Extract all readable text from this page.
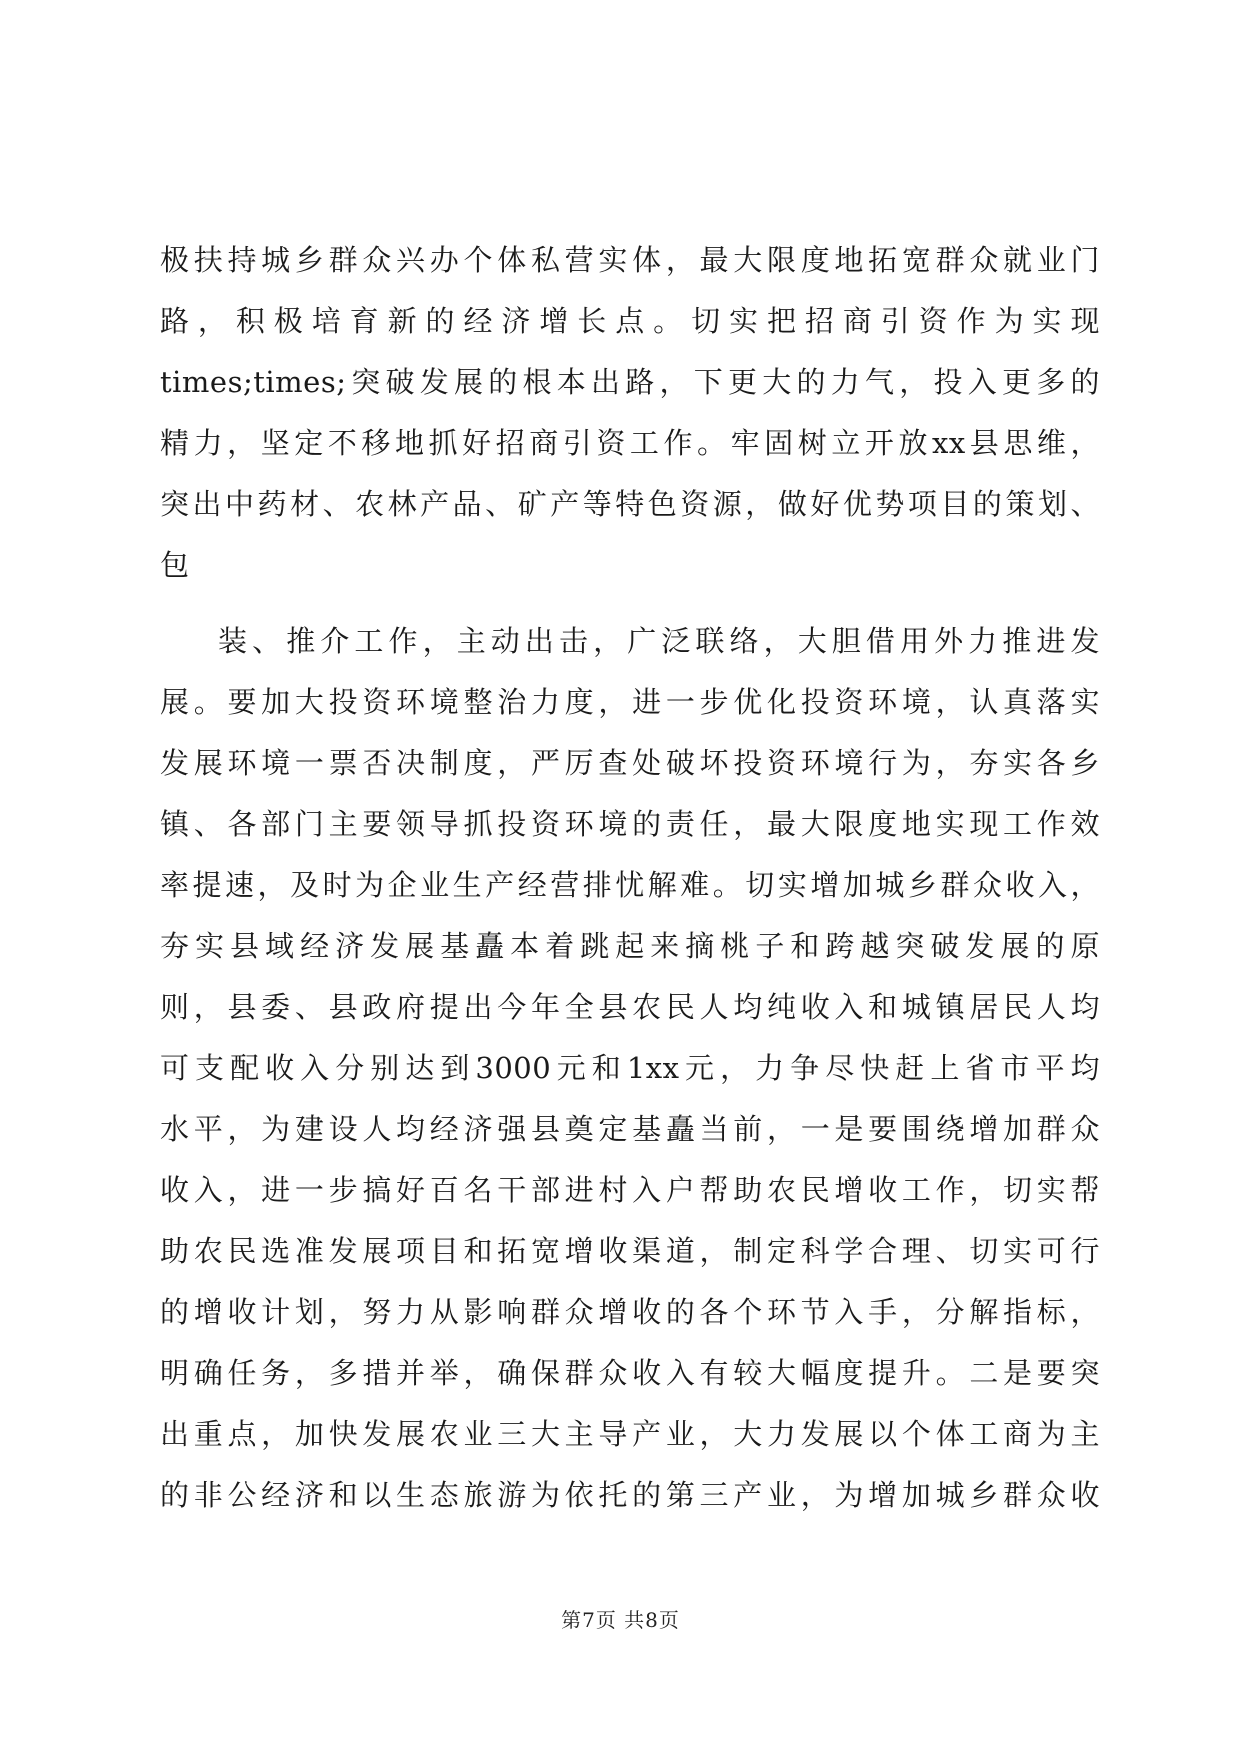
极扶持城乡群众兴办个体私营实体，最大限度地拓宽群众就业门
路，积极培育新的经济增长点。切实把招商引资作为实现
times;times;突破发展的根本出路，下更大的力气，投入更多的
精力，坚定不移地抓好招商引资工作。牢固树立开放xx县思维，
突出中药材、农林产品、矿产等特色资源，做好优势项目的策划、
包
装、推介工作，主动出击，广泛联络，大胆借用外力推进发
展。要加大投资环境整治力度，进一步优化投资环境，认真落实
发展环境一票否决制度，严厉查处破坏投资环境行为，夯实各乡
镇、各部门主要领导抓投资环境的责任，最大限度地实现工作效
率提速，及时为企业生产经营排忧解难。切实增加城乡群众收入，
夯实县域经济发展基矗本着跳起来摘桃子和跨越突破发展的原
则，县委、县政府提出今年全县农民人均纯收入和城镇居民人均
可支配收入分别达到3000元和1xx元，力争尽快赶上省市平均
水平，为建设人均经济强县奠定基矗当前，一是要围绕增加群众
收入，进一步搞好百名干部进村入户帮助农民增收工作，切实帮
助农民选准发展项目和拓宽增收渠道，制定科学合理、切实可行
的增收计划，努力从影响群众增收的各个环节入手，分解指标，
明确任务，多措并举，确保群众收入有较大幅度提升。二是要突
出重点，加快发展农业三大主导产业，大力发展以个体工商为主
的非公经济和以生态旅游为依托的第三产业，为增加城乡群众收
第7页 共8页
